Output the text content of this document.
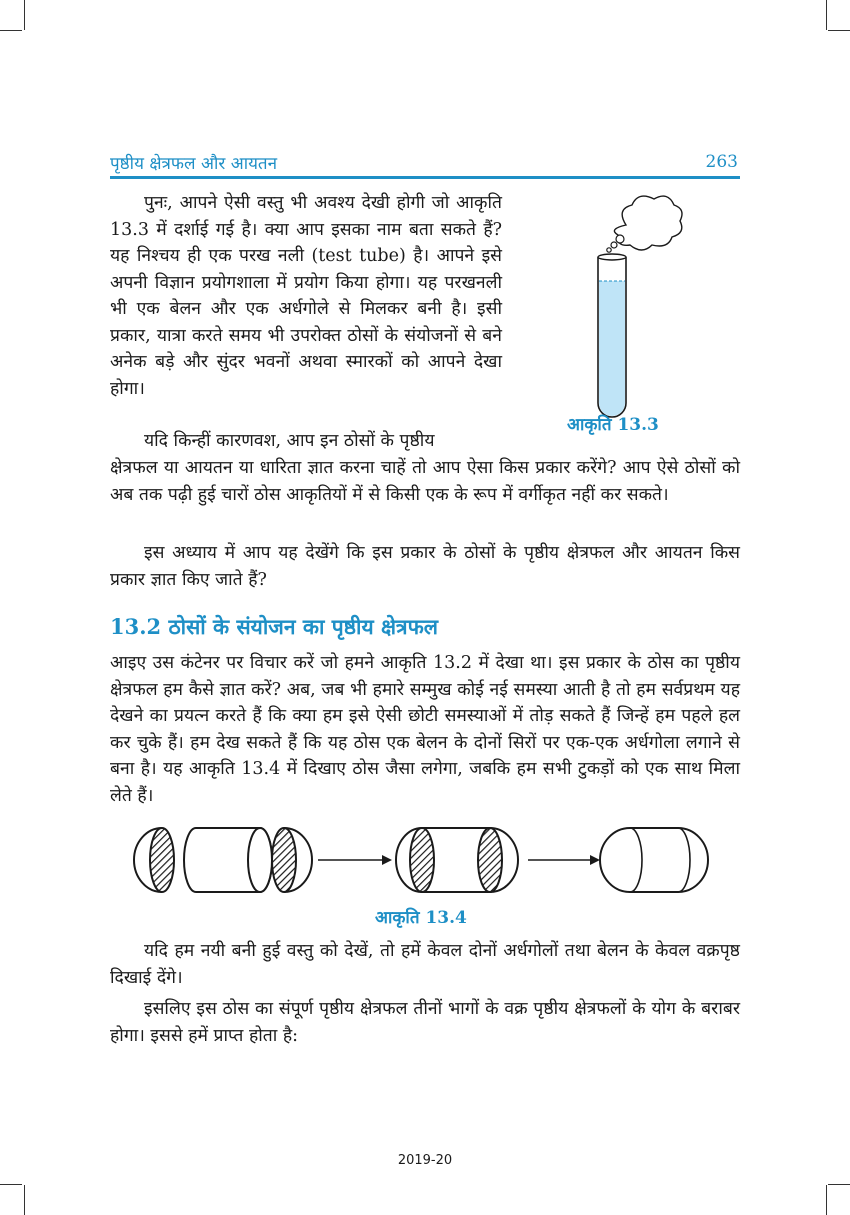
पृष्ठीय क्षेत्रफल और आयतन	263

पुनः, आपने ऐसी वस्तु भी अवश्य देखी होगी जो आकृति 13.3 में दर्शाई गई है। क्या आप इसका नाम बता सकते हैं? यह निश्चय ही एक परख नली (test tube) है। आपने इसे अपनी विज्ञान प्रयोगशाला में प्रयोग किया होगा। यह परखनली भी एक बेलन और एक अर्धगोले से मिलकर बनी है। इसी प्रकार, यात्रा करते समय भी उपरोक्त ठोसों के संयोजनों से बने अनेक बड़े और सुंदर भवनों अथवा स्मारकों को आपने देखा होगा।

आकृति 13.3

यदि किन्हीं कारणवश, आप इन ठोसों के पृष्ठीय

क्षेत्रफल या आयतन या धारिता ज्ञात करना चाहें तो आप ऐसा किस प्रकार करेंगे? आप ऐसे ठोसों को अब तक पढ़ी हुई चारों ठोस आकृतियों में से किसी एक के रूप में वर्गीकृत नहीं कर सकते।

इस अध्याय में आप यह देखेंगे कि इस प्रकार के ठोसों के पृष्ठीय क्षेत्रफल और आयतन किस प्रकार ज्ञात किए जाते हैं?

13.2 ठोसों के संयोजन का पृष्ठीय क्षेत्रफल

आइए उस कंटेनर पर विचार करें जो हमने आकृति 13.2 में देखा था। इस प्रकार के ठोस का पृष्ठीय क्षेत्रफल हम कैसे ज्ञात करें? अब, जब भी हमारे सम्मुख कोई नई समस्या आती है तो हम सर्वप्रथम यह देखने का प्रयत्न करते हैं कि क्या हम इसे ऐसी छोटी समस्याओं में तोड़ सकते हैं जिन्हें हम पहले हल कर चुके हैं। हम देख सकते हैं कि यह ठोस एक बेलन के दोनों सिरों पर एक-एक अर्धगोला लगाने से बना है। यह आकृति 13.4 में दिखाए ठोस जैसा लगेगा, जबकि हम सभी टुकड़ों को एक साथ मिला लेते हैं।

आकृति 13.4

यदि हम नयी बनी हुई वस्तु को देखें, तो हमें केवल दोनों अर्धगोलों तथा बेलन के केवल वक्रपृष्ठ दिखाई देंगे।

इसलिए इस ठोस का संपूर्ण पृष्ठीय क्षेत्रफल तीनों भागों के वक्र पृष्ठीय क्षेत्रफलों के योग के बराबर होगा। इससे हमें प्राप्त होता है:

2019-20
